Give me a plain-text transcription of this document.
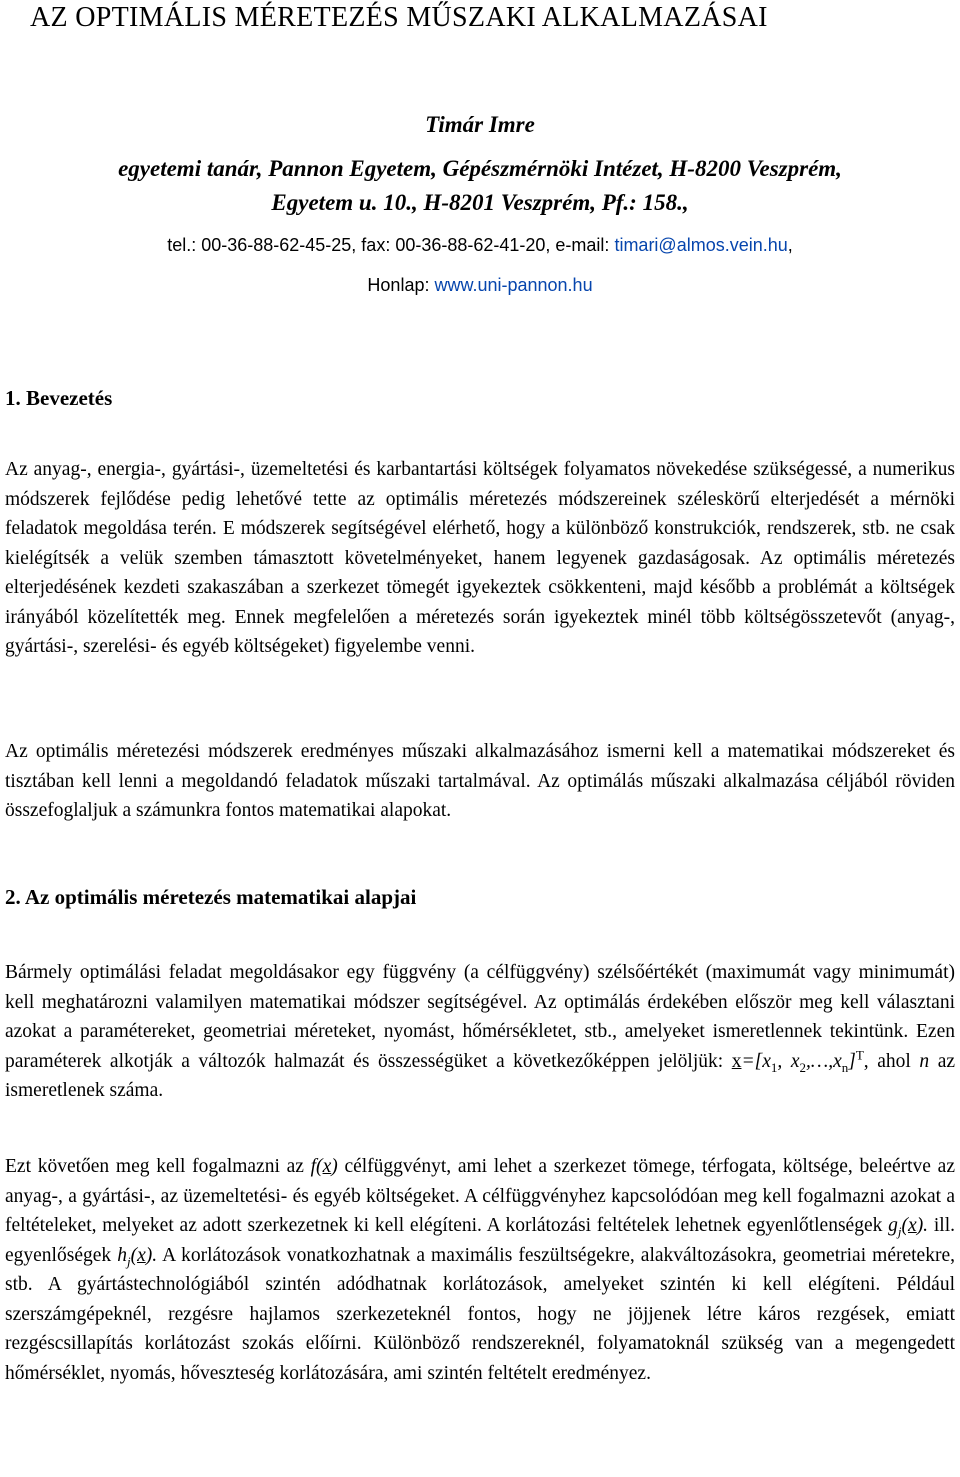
AZ OPTIMÁLIS MÉRETEZÉS MŰSZAKI ALKALMAZÁSAI
Timár Imre
egyetemi tanár, Pannon Egyetem, Gépészmérnöki Intézet, H-8200 Veszprém,
Egyetem u. 10., H-8201 Veszprém, Pf.: 158.,
tel.: 00-36-88-62-45-25, fax: 00-36-88-62-41-20, e-mail: timari@almos.vein.hu,
Honlap: www.uni-pannon.hu
1. Bevezetés

Az anyag-, energia-, gyártási-, üzemeltetési és karbantartási költségek folyamatos növekedése szükségessé, a numerikus módszerek fejlődése pedig lehetővé tette az optimális méretezés módszereinek széleskörű elterjedését a mérnöki feladatok megoldása terén. E módszerek segítségével elérhető, hogy a különböző konstrukciók, rendszerek, stb. ne csak kielégítsék a velük szemben támasztott követelményeket, hanem legyenek gazdaságosak. Az optimális méretezés elterjedésének kezdeti szakaszában a szerkezet tömegét igyekeztek csökkenteni, majd később a problémát a költségek irányából közelítették meg. Ennek megfelelően a méretezés során igyekeztek minél több költségösszetevőt (anyag-, gyártási-, szerelési- és egyéb költségeket) figyelembe venni.

Az optimális méretezési módszerek eredményes műszaki alkalmazásához ismerni kell a matematikai módszereket és tisztában kell lenni a megoldandó feladatok műszaki tartalmával. Az optimálás műszaki alkalmazása céljából röviden összefoglaljuk a számunkra fontos matematikai alapokat.

2. Az optimális méretezés matematikai alapjai

Bármely optimálási feladat megoldásakor egy függvény (a célfüggvény) szélsőértékét (maximumát vagy minimumát) kell meghatározni valamilyen matematikai módszer segítségével. Az optimálás érdekében először meg kell választani azokat a paramétereket, geometriai méreteket, nyomást, hőmérsékletet, stb., amelyeket ismeretlennek tekintünk. Ezen paraméterek alkotják a változók halmazát és összességüket a következőképpen jelöljük: $x=[x_1$, $x_2,\dots,x_n]^T$, ahol n az ismeretlenek száma.

Ezt követően meg kell fogalmazni az f(x) célfüggvényt, ami lehet a szerkezet tömege, térfogata, költsége, beleértve az anyag-, a gyártási-, az üzemeltetési- és egyéb költségeket. A célfüggvényhez kapcsolódóan meg kell fogalmazni azokat a feltételeket, melyeket az adott szerkezetnek ki kell elégíteni. A korlátozási feltételek lehetnek egyenlőtlenségek $g_j(x)$. ill. egyenlőségek $h_j(x)$. A korlátozások vonatkozhatnak a maximális feszültségekre, alakváltozásokra, geometriai méretekre, stb. A gyártástechnológiából szintén adódhatnak korlátozások, amelyeket szintén ki kell elégíteni. Például szerszámgépeknél, rezgésre hajlamos szerkezeteknél fontos, hogy ne jöjjenek létre káros rezgések, emiatt rezgéscsillapítás korlátozást szokás előírni. Különböző rendszereknél, folyamatoknál szükség van a megengedett hőmérséklet, nyomás, hőveszteség korlátozására, ami szintén feltételt eredményez.
